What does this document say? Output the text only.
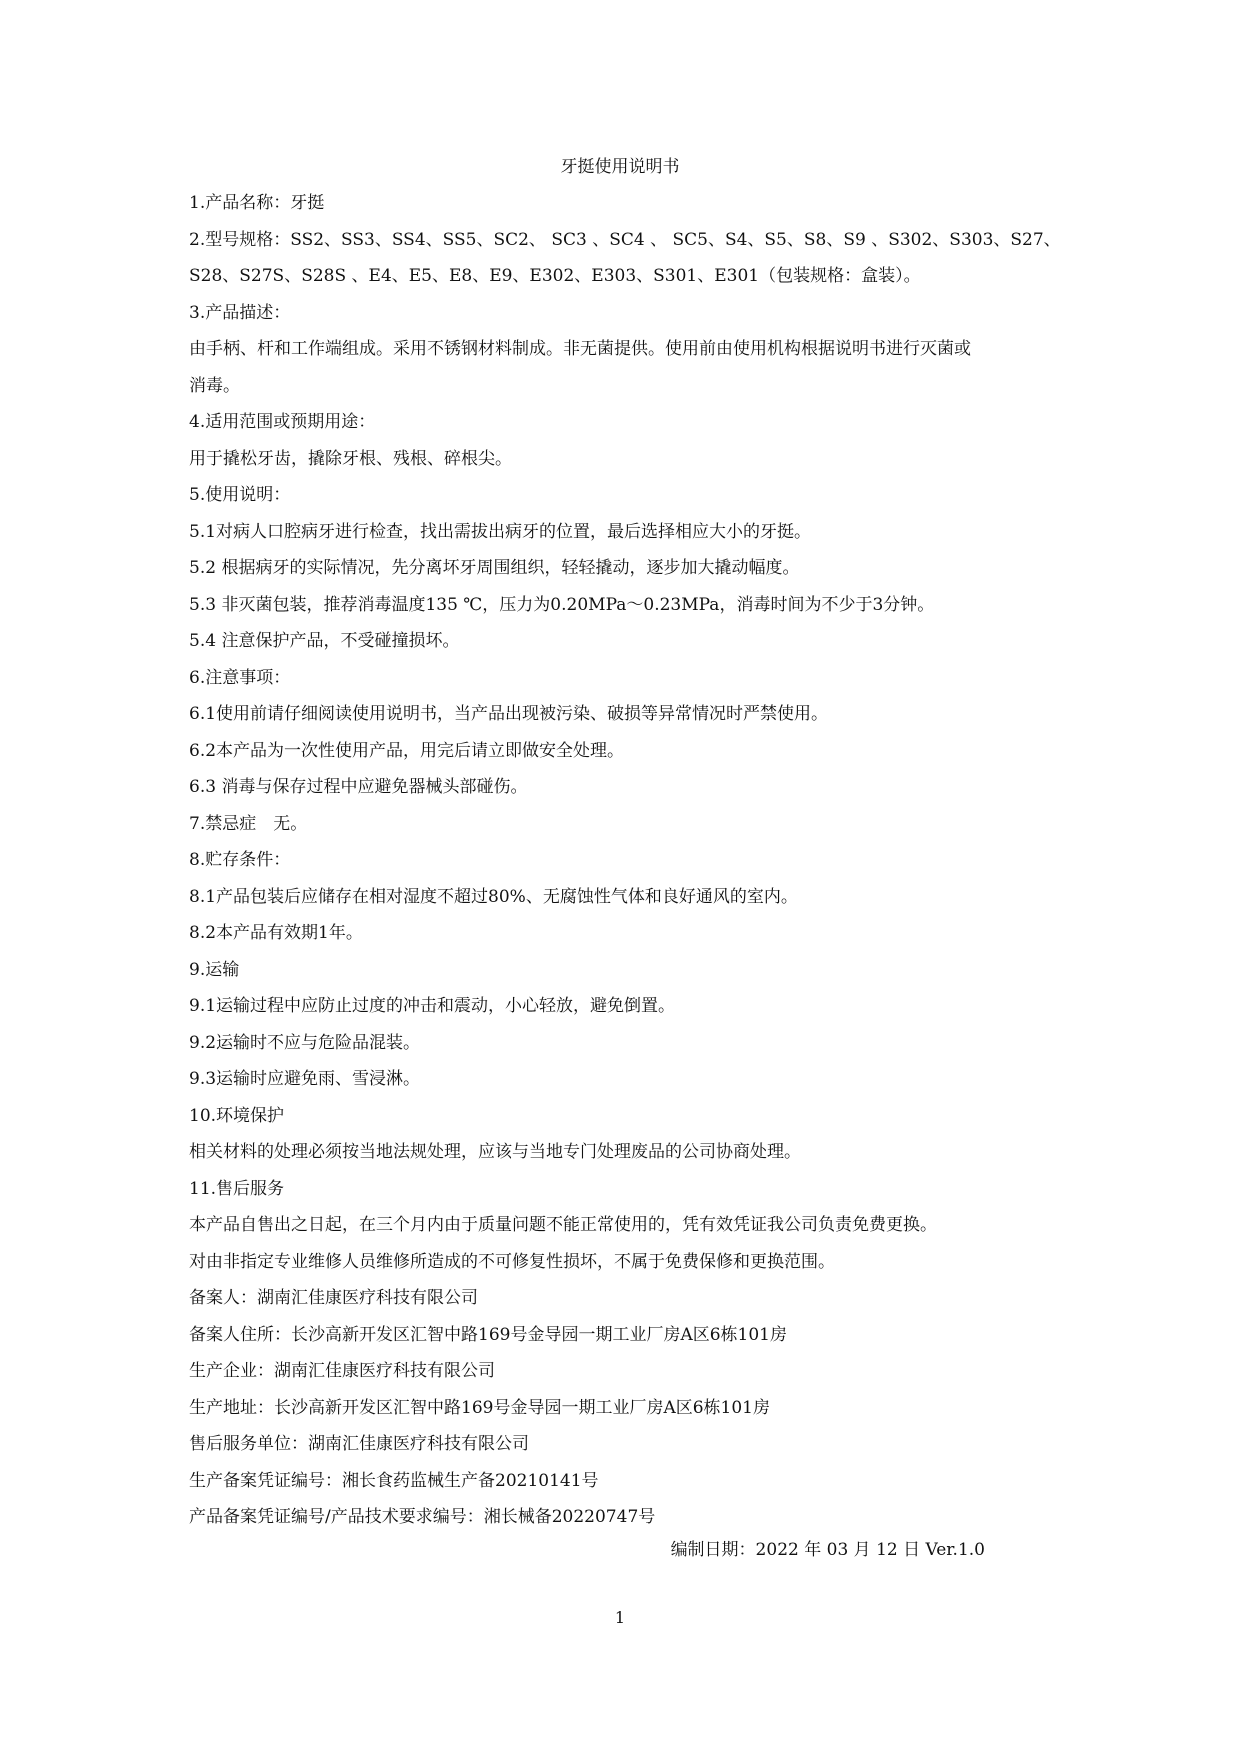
牙挺使用说明书
1.产品名称：牙挺
2.型号规格：SS2、SS3、SS4、SS5、SC2、 SC3 、SC4 、 SC5、S4、S5、S8、S9 、S302、S303、S27、
S28、S27S、S28S 、E4、E5、E8、E9、E302、E303、S301、E301（包装规格：盒装）。
3.产品描述：
由手柄、杆和工作端组成。采用不锈钢材料制成。非无菌提供。使用前由使用机构根据说明书进行灭菌或
消毒。
4.适用范围或预期用途：
用于撬松牙齿，撬除牙根、残根、碎根尖。
5.使用说明：
5.1对病人口腔病牙进行检查，找出需拔出病牙的位置，最后选择相应大小的牙挺。
5.2 根据病牙的实际情况，先分离坏牙周围组织，轻轻撬动，逐步加大撬动幅度。
5.3 非灭菌包装，推荐消毒温度135 ℃，压力为0.20MPa～0.23MPa，消毒时间为不少于3分钟。
5.4 注意保护产品，不受碰撞损坏。
6.注意事项：
6.1使用前请仔细阅读使用说明书，当产品出现被污染、破损等异常情况时严禁使用。
6.2本产品为一次性使用产品，用完后请立即做安全处理。
6.3 消毒与保存过程中应避免器械头部碰伤。
7.禁忌症　无。
8.贮存条件：
8.1产品包装后应储存在相对湿度不超过80%、无腐蚀性气体和良好通风的室内。
8.2本产品有效期1年。
9.运输
9.1运输过程中应防止过度的冲击和震动，小心轻放，避免倒置。
9.2运输时不应与危险品混装。
9.3运输时应避免雨、雪浸淋。
10.环境保护
相关材料的处理必须按当地法规处理，应该与当地专门处理废品的公司协商处理。
11.售后服务
本产品自售出之日起，在三个月内由于质量问题不能正常使用的，凭有效凭证我公司负责免费更换。
对由非指定专业维修人员维修所造成的不可修复性损坏，不属于免费保修和更换范围。
备案人：湖南汇佳康医疗科技有限公司
备案人住所：长沙高新开发区汇智中路169号金导园一期工业厂房A区6栋101房
生产企业：湖南汇佳康医疗科技有限公司
生产地址：长沙高新开发区汇智中路169号金导园一期工业厂房A区6栋101房
售后服务单位：湖南汇佳康医疗科技有限公司
生产备案凭证编号：湘长食药监械生产备20210141号
产品备案凭证编号/产品技术要求编号：湘长械备20220747号
编制日期：2022 年 03 月 12 日 Ver.1.0
1
